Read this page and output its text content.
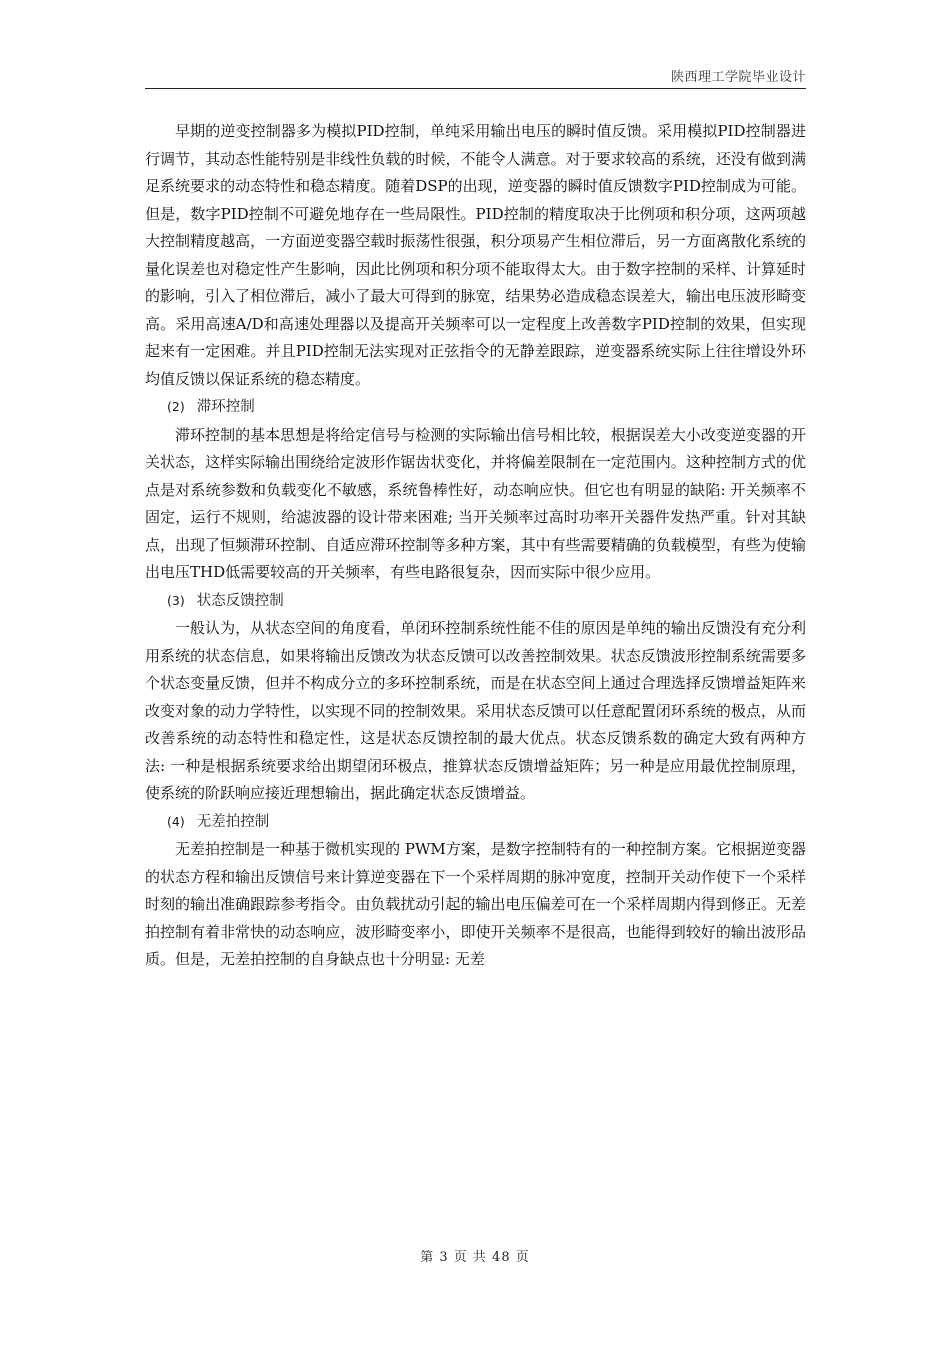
陕西理工学院毕业设计

早期的逆变控制器多为模拟PID控制，单纯采用输出电压的瞬时值反馈。采用模拟PID控制器进行调节，其动态性能特别是非线性负载的时候，不能令人满意。对于要求较高的系统，还没有做到满足系统要求的动态特性和稳态精度。随着DSP的出现，逆变器的瞬时值反馈数字PID控制成为可能。但是，数字PID控制不可避免地存在一些局限性。PID控制的精度取决于比例项和积分项，这两项越大控制精度越高，一方面逆变器空载时振荡性很强，积分项易产生相位滞后，另一方面离散化系统的量化误差也对稳定性产生影响，因此比例项和积分项不能取得太大。由于数字控制的采样、计算延时的影响，引入了相位滞后，减小了最大可得到的脉宽，结果势必造成稳态误差大，输出电压波形畸变高。采用高速A/D和高速处理器以及提高开关频率可以一定程度上改善数字PID控制的效果，但实现起来有一定困难。并且PID控制无法实现对正弦指令的无静差跟踪，逆变器系统实际上往往增设外环均值反馈以保证系统的稳态精度。

(2) 滞环控制

滞环控制的基本思想是将给定信号与检测的实际输出信号相比较，根据误差大小改变逆变器的开关状态，这样实际输出围绕给定波形作锯齿状变化，并将偏差限制在一定范围内。这种控制方式的优点是对系统参数和负载变化不敏感，系统鲁棒性好，动态响应快。但它也有明显的缺陷: 开关频率不固定，运行不规则，给滤波器的设计带来困难; 当开关频率过高时功率开关器件发热严重。针对其缺点，出现了恒频滞环控制、自适应滞环控制等多种方案，其中有些需要精确的负载模型，有些为使输出电压THD低需要较高的开关频率，有些电路很复杂，因而实际中很少应用。

(3) 状态反馈控制

一般认为，从状态空间的角度看，单闭环控制系统性能不佳的原因是单纯的输出反馈没有充分利用系统的状态信息，如果将输出反馈改为状态反馈可以改善控制效果。状态反馈波形控制系统需要多个状态变量反馈，但并不构成分立的多环控制系统，而是在状态空间上通过合理选择反馈增益矩阵来改变对象的动力学特性，以实现不同的控制效果。采用状态反馈可以任意配置闭环系统的极点，从而改善系统的动态特性和稳定性，这是状态反馈控制的最大优点。状态反馈系数的确定大致有两种方法: 一种是根据系统要求给出期望闭环极点，推算状态反馈增益矩阵；另一种是应用最优控制原理，使系统的阶跃响应接近理想输出，据此确定状态反馈增益。

(4) 无差拍控制

无差拍控制是一种基于微机实现的 PWM方案，是数字控制特有的一种控制方案。它根据逆变器的状态方程和输出反馈信号来计算逆变器在下一个采样周期的脉冲宽度，控制开关动作使下一个采样时刻的输出准确跟踪参考指令。由负载扰动引起的输出电压偏差可在一个采样周期内得到修正。无差拍控制有着非常快的动态响应，波形畸变率小，即使开关频率不是很高，也能得到较好的输出波形品质。但是，无差拍控制的自身缺点也十分明显: 无差

第 3 页 共 48 页
